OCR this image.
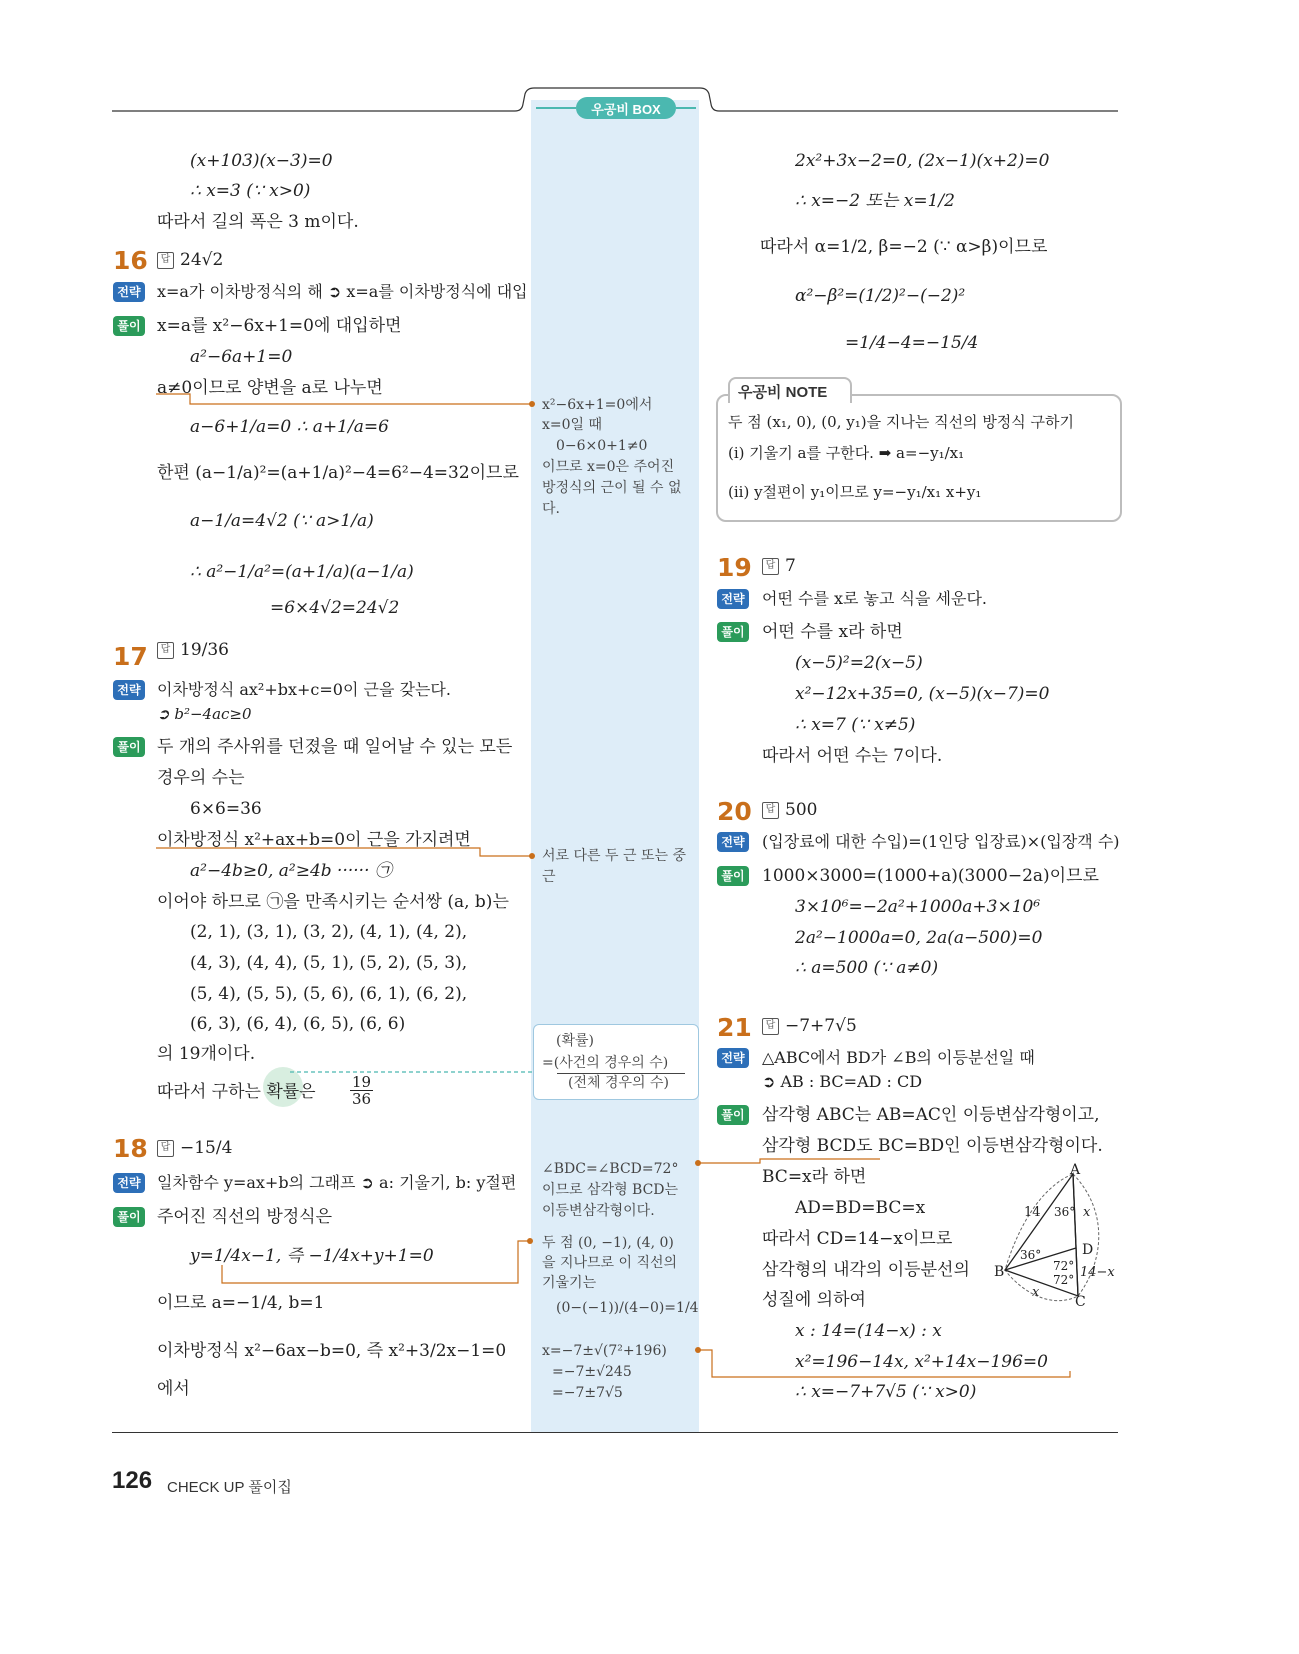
우공비 BOX
(x+103)(x−3)=0
∴ x=3 (∵ x>0)
따라서 길의 폭은 3 m이다.
16	답 24√2
전략 x=a가 이차방정식의 해 ➲ x=a를 이차방정식에 대입
풀이 x=a를 x²−6x+1=0에 대입하면
a²−6a+1=0
a≠0이므로 양변을 a로 나누면
a−6+1/a=0 ∴ a+1/a=6
한편 (a−1/a)²=(a+1/a)²−4=6²−4=32이므로
a−1/a=4√2 (∵ a>1/a)
∴ a²−1/a²=(a+1/a)(a−1/a)
=6×4√2=24√2
17	답 19/36
전략 이차방정식 ax²+bx+c=0이 근을 갖는다.
➲ b²−4ac≥0
풀이 두 개의 주사위를 던졌을 때 일어날 수 있는 모든
경우의 수는
6×6=36
이차방정식 x²+ax+b=0이 근을 가지려면
a²−4b≥0, a²≥4b ······ ㉠
이어야 하므로 ㉠을 만족시키는 순서쌍 (a, b)는
(2, 1), (3, 1), (3, 2), (4, 1), (4, 2),
(4, 3), (4, 4), (5, 1), (5, 2), (5, 3),
(5, 4), (5, 5), (5, 6), (6, 1), (6, 2),
(6, 3), (6, 4), (6, 5), (6, 6)
의 19개이다.
따라서 구하는 확률은 $\frac{19}{36}$
18	답 −15/4
전략 일차함수 y=ax+b의 그래프 ➲ a: 기울기, b: y절편
풀이 주어진 직선의 방정식은
y=1/4x−1, 즉 −1/4x+y+1=0
이므로 a=−1/4, b=1
이차방정식 x²−6ax−b=0, 즉 x²+3/2x−1=0
에서
x²−6x+1=0에서
x=0일 때
0−6×0+1≠0
이므로 x=0은 주어진
방정식의 근이 될 수 없
다.
서로 다른 두 근 또는 중
근
(확률)
=(사건의 경우의 수)
(전체 경우의 수)
∠BDC=∠BCD=72°
이므로 삼각형 BCD는
이등변삼각형이다.
두 점 (0, −1), (4, 0)
을 지나므로 이 직선의
기울기는
(0−(−1))/(4−0)=1/4
x=−7±√(7²+196)
=−7±√245
=−7±7√5
2x²+3x−2=0, (2x−1)(x+2)=0
∴ x=−2 또는 x=1/2
따라서 α=1/2, β=−2 (∵ α>β)이므로
α²−β²=(1/2)²−(−2)²
=1/4−4=−15/4
우공비 NOTE
두 점 (x₁, 0), (0, y₁)을 지나는 직선의 방정식 구하기
(i) 기울기 a를 구한다. ➡ a=−y₁/x₁
(ii) y절편이 y₁이므로 y=−y₁/x₁ x+y₁
19	답 7
전략 어떤 수를 x로 놓고 식을 세운다.
풀이 어떤 수를 x라 하면
(x−5)²=2(x−5)
x²−12x+35=0, (x−5)(x−7)=0
∴ x=7 (∵ x≠5)
따라서 어떤 수는 7이다.
20	답 500
전략 (입장료에 대한 수입)=(1인당 입장료)×(입장객 수)
풀이 1000×3000=(1000+a)(3000−2a)이므로
3×10⁶=−2a²+1000a+3×10⁶
2a²−1000a=0, 2a(a−500)=0
∴ a=500 (∵ a≠0)
21	답 −7+7√5
전략 △ABC에서 BD가 ∠B의 이등분선일 때
➲ AB : BC=AD : CD
풀이 삼각형 ABC는 AB=AC인 이등변삼각형이고,
삼각형 BCD도 BC=BD인 이등변삼각형이다.
BC=x라 하면
AD=BD=BC=x
따라서 CD=14−x이므로
삼각형의 내각의 이등분선의
성질에 의하여
x : 14=(14−x) : x
x²=196−14x, x²+14x−196=0
∴ x=−7+7√5 (∵ x>0)
A
B
C
D
14 36° x
36°
72°
72° 14−x
x
126 CHECK UP 풀이집
